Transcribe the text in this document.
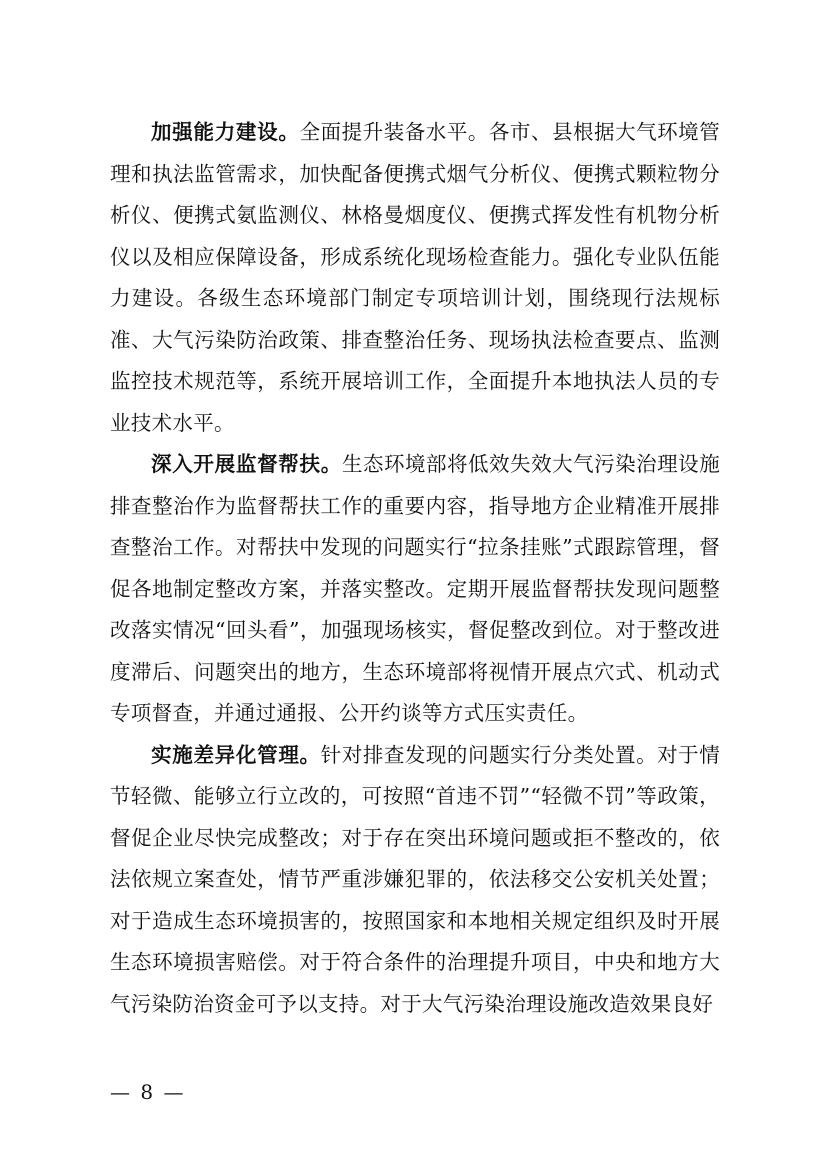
加强能力建设。全面提升装备水平。各市、县根据大气环境管理和执法监管需求，加快配备便携式烟气分析仪、便携式颗粒物分析仪、便携式氨监测仪、林格曼烟度仪、便携式挥发性有机物分析仪以及相应保障设备，形成系统化现场检查能力。强化专业队伍能力建设。各级生态环境部门制定专项培训计划，围绕现行法规标准、大气污染防治政策、排查整治任务、现场执法检查要点、监测监控技术规范等，系统开展培训工作，全面提升本地执法人员的专业技术水平。

深入开展监督帮扶。生态环境部将低效失效大气污染治理设施排查整治作为监督帮扶工作的重要内容，指导地方企业精准开展排查整治工作。对帮扶中发现的问题实行“拉条挂账”式跟踪管理，督促各地制定整改方案，并落实整改。定期开展监督帮扶发现问题整改落实情况“回头看”，加强现场核实，督促整改到位。对于整改进度滞后、问题突出的地方，生态环境部将视情开展点穴式、机动式专项督查，并通过通报、公开约谈等方式压实责任。

实施差异化管理。针对排查发现的问题实行分类处置。对于情节轻微、能够立行立改的，可按照“首违不罚”“轻微不罚”等政策，督促企业尽快完成整改；对于存在突出环境问题或拒不整改的，依法依规立案查处，情节严重涉嫌犯罪的，依法移交公安机关处置；对于造成生态环境损害的，按照国家和本地相关规定组织及时开展生态环境损害赔偿。对于符合条件的治理提升项目，中央和地方大气污染防治资金可予以支持。对于大气污染治理设施改造效果良好

— 8 —
